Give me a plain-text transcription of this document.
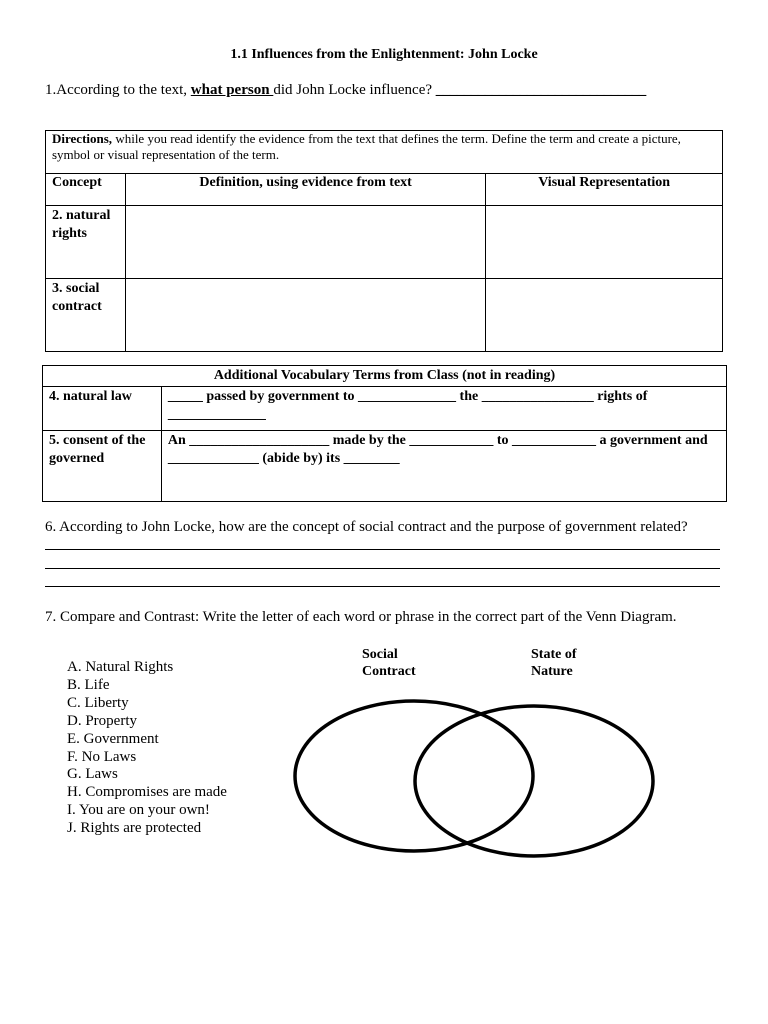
1.1 Influences from the Enlightenment: John Locke
1.According to the text, what person did John Locke influence? ______________________________
Directions, while you read identify the evidence from the text that defines the term. Define the term and create a picture, symbol or visual representation of the term.		
Concept	Definition, using evidence from text	Visual Representation
2. natural rights		
3. social contract		
Additional Vocabulary Terms from Class (not in reading)	
4. natural law	_____ passed by government to ______________ the ________________ rights of ______________
5. consent of the governed	An ____________________ made by the ____________ to ____________ a government and _____________ (abide by) its ________
6. According to John Locke, how are the concept of social contract and the purpose of government related?
7. Compare and Contrast: Write the letter of each word or phrase in the correct part of the Venn Diagram.
A. Natural Rights
B. Life
C. Liberty
D. Property
E. Government
F. No Laws
G. Laws
H. Compromises are made
I. You are on your own!
J. Rights are protected
Social Contract
State of Nature
